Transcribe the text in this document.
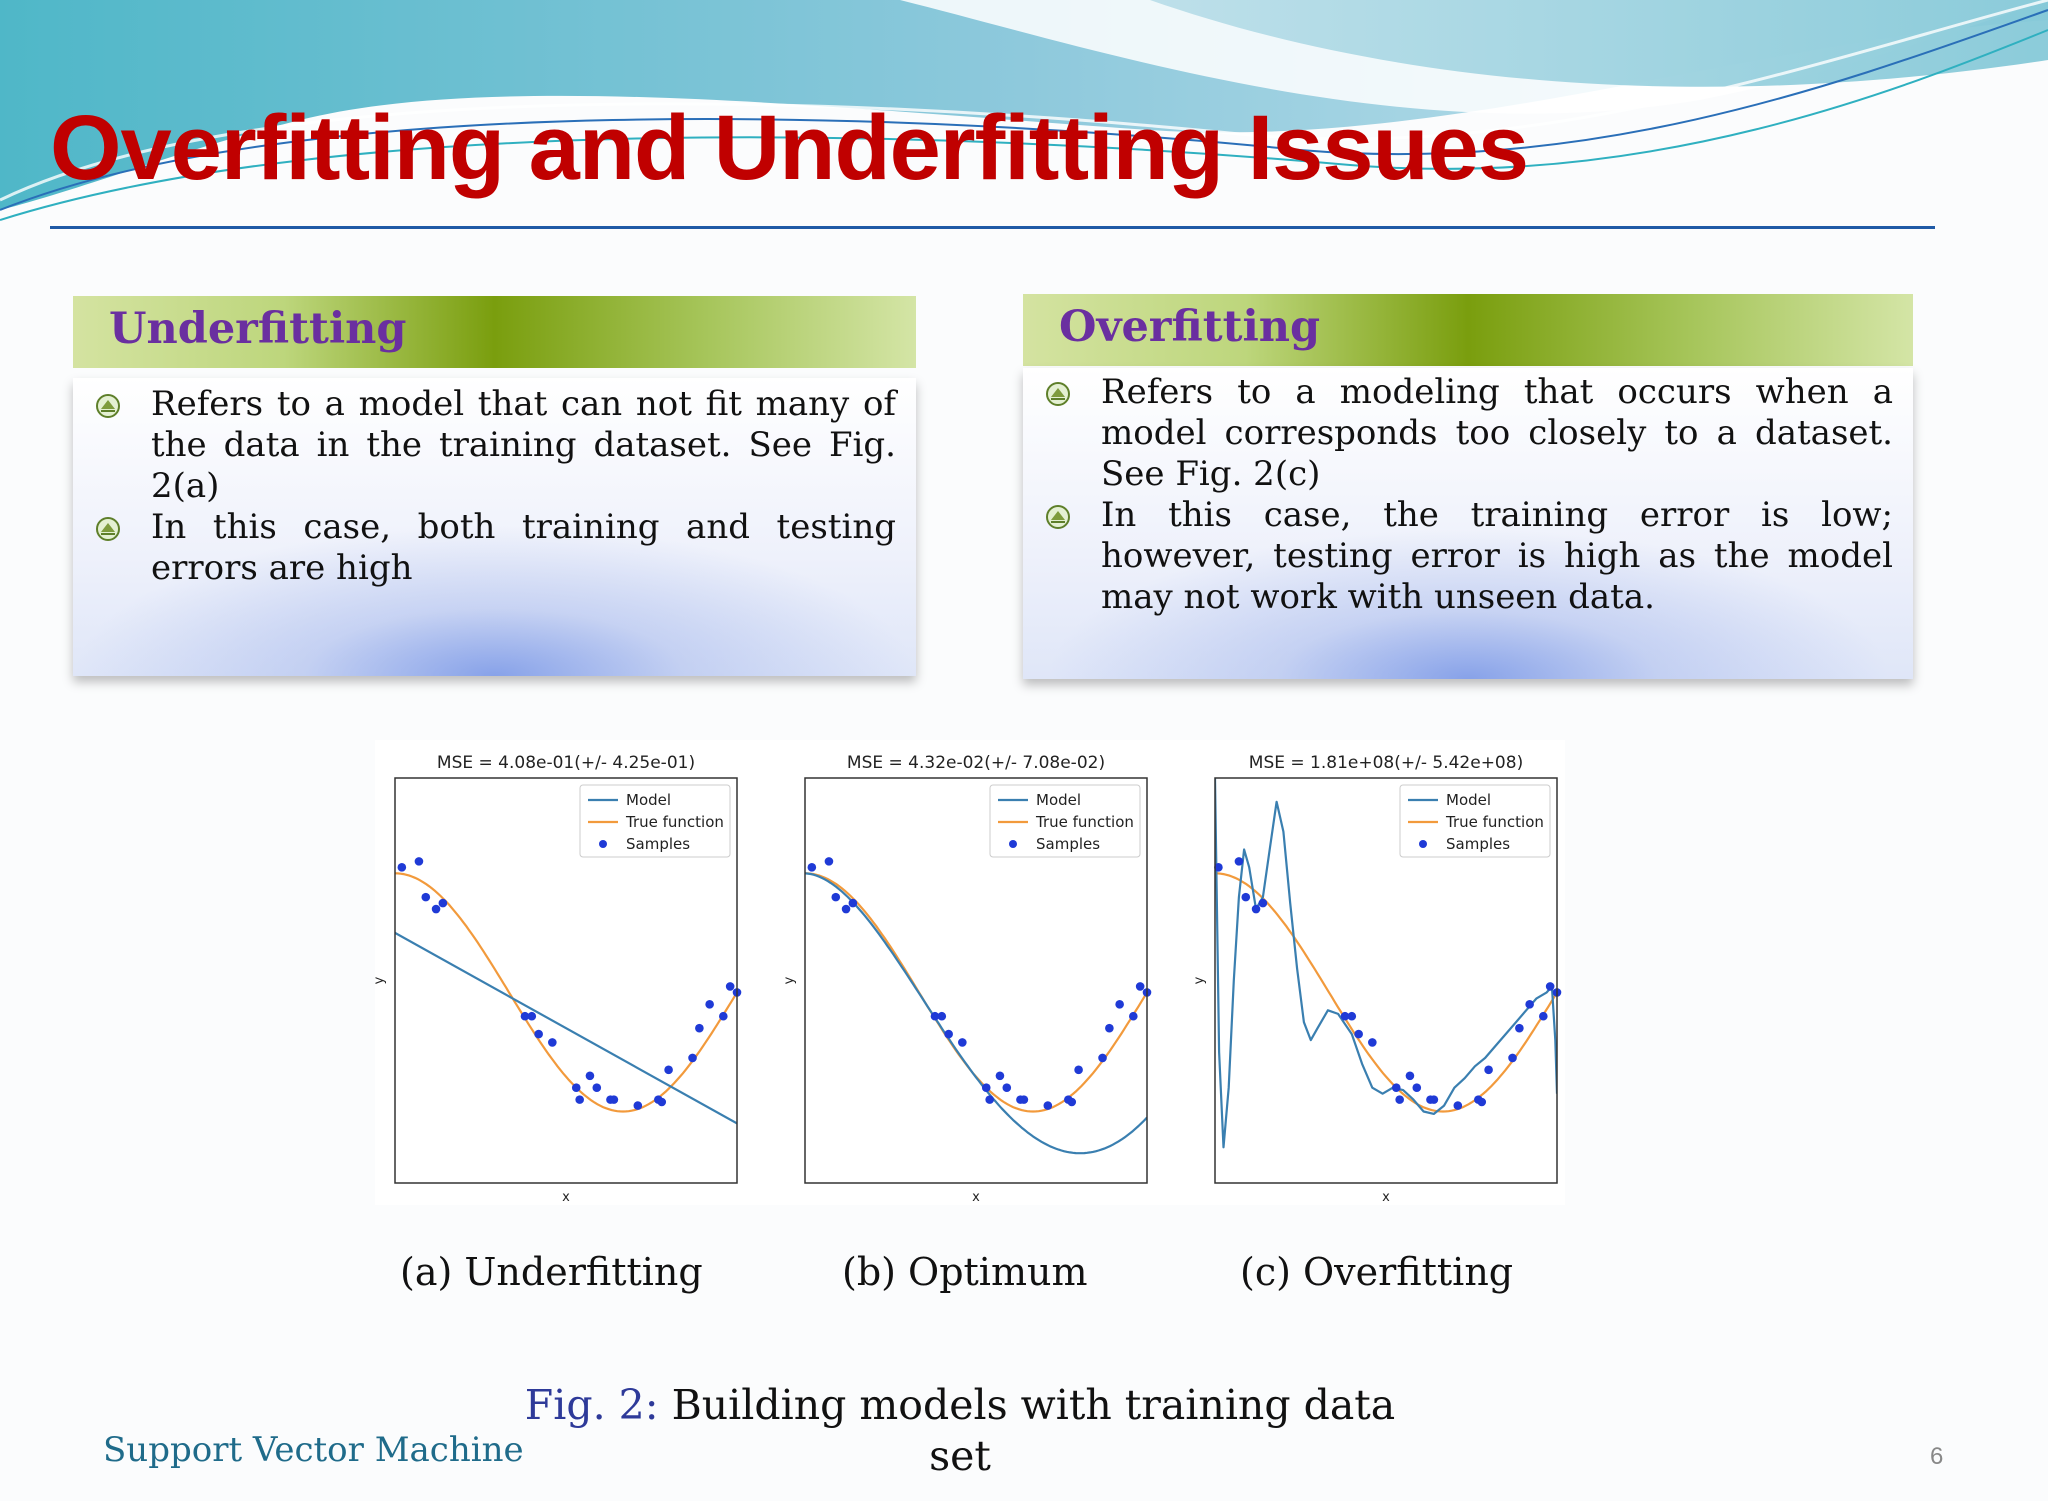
Overfitting and Underfitting Issues
Underfitting
Refers to a model that can not fit many of the data in the training dataset. See Fig. 2(a)
In this case, both training and testing errors are high
Overfitting
Refers to a modeling that occurs when a model corresponds too closely to a dataset. See Fig. 2(c)
In this case, the training error is low; however, testing error is high as the model may not work with unseen data.
MSE = 4.08e-01(+/- 4.25e-01)
x
y
Model
True function
Samples
MSE = 4.32e-02(+/- 7.08e-02)
x
y
Model
True function
Samples
MSE = 1.81e+08(+/- 5.42e+08)
x
y
Model
True function
Samples
(a) Underfitting	(b) Optimum	(c) Overfitting
Fig. 2: Building models with training data set
Support Vector Machine	6
